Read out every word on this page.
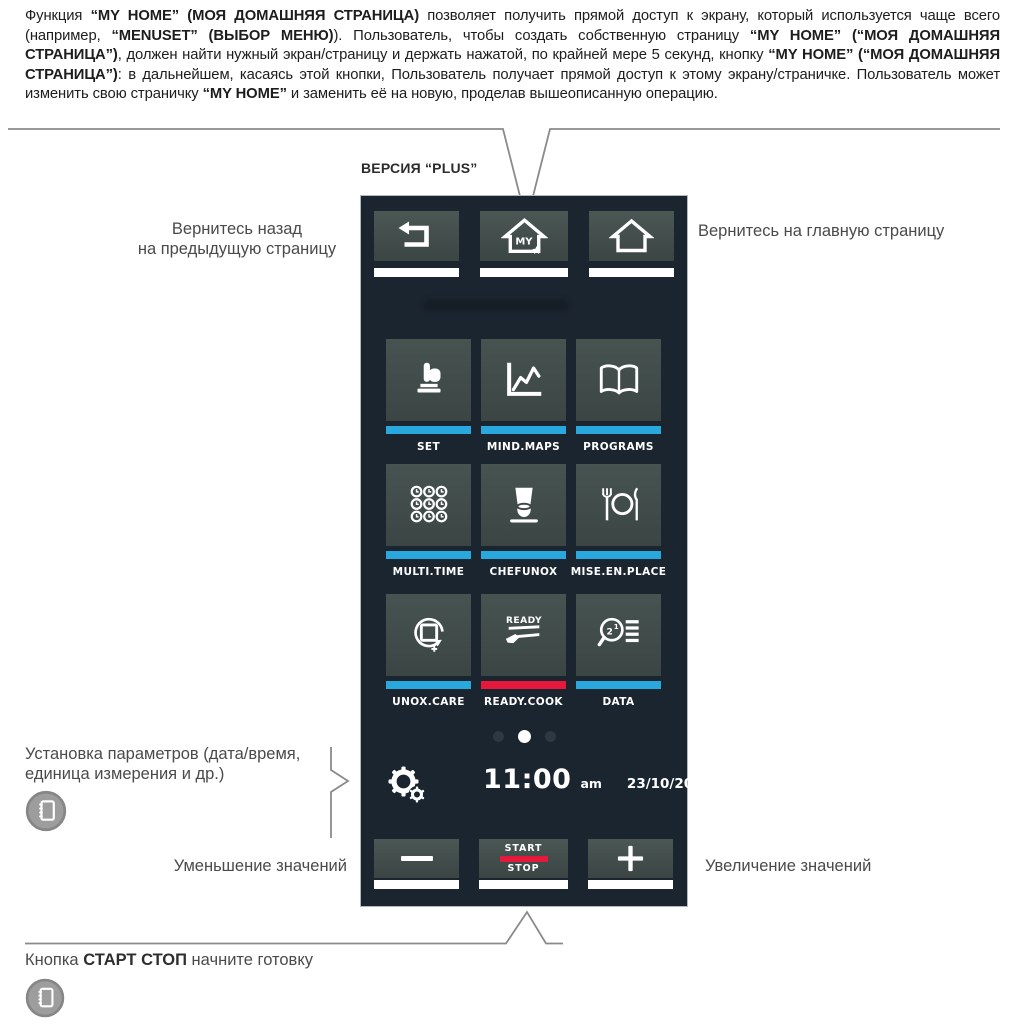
Функция “MY HOME” (МОЯ ДОМАШНЯЯ СТРАНИЦА) позволяет получить прямой доступ к экрану, который используется чаще всего (например, “MENUSET” (ВЫБОР МЕНЮ)). Пользователь, чтобы создать собственную страницу “MY HOME” (“МОЯ ДОМАШНЯЯ СТРАНИЦА”), должен найти нужный экран/страницу и держать нажатой, по крайней мере 5 секунд, кнопку “MY HOME” (“МОЯ ДОМАШНЯЯ СТРАНИЦА”): в дальнейшем, касаясь этой кнопки, Пользователь получает прямой доступ к этому экрану/страничке. Пользователь может изменить свою страничку “MY HOME” и заменить её на новую, проделав вышеописанную операцию.
ВЕРСИЯ “PLUS”
Вернитесь назад
на предыдущую страницу
Вернитесь на главную страницу
Установка параметров (дата/время,
единица измерения и др.)
Уменьшение значений	Увеличение значений
Кнопка СТАРТ СТОП начните готовку
MY
SET	MIND.MAPS PROGRAMS
MULTI.TIME CHEFUNOX MISE.EN.PLACE
UNOX.CARE
READY
READY.COOK
2
1
DATA
11:00 am 23/10/2014
START
STOP
